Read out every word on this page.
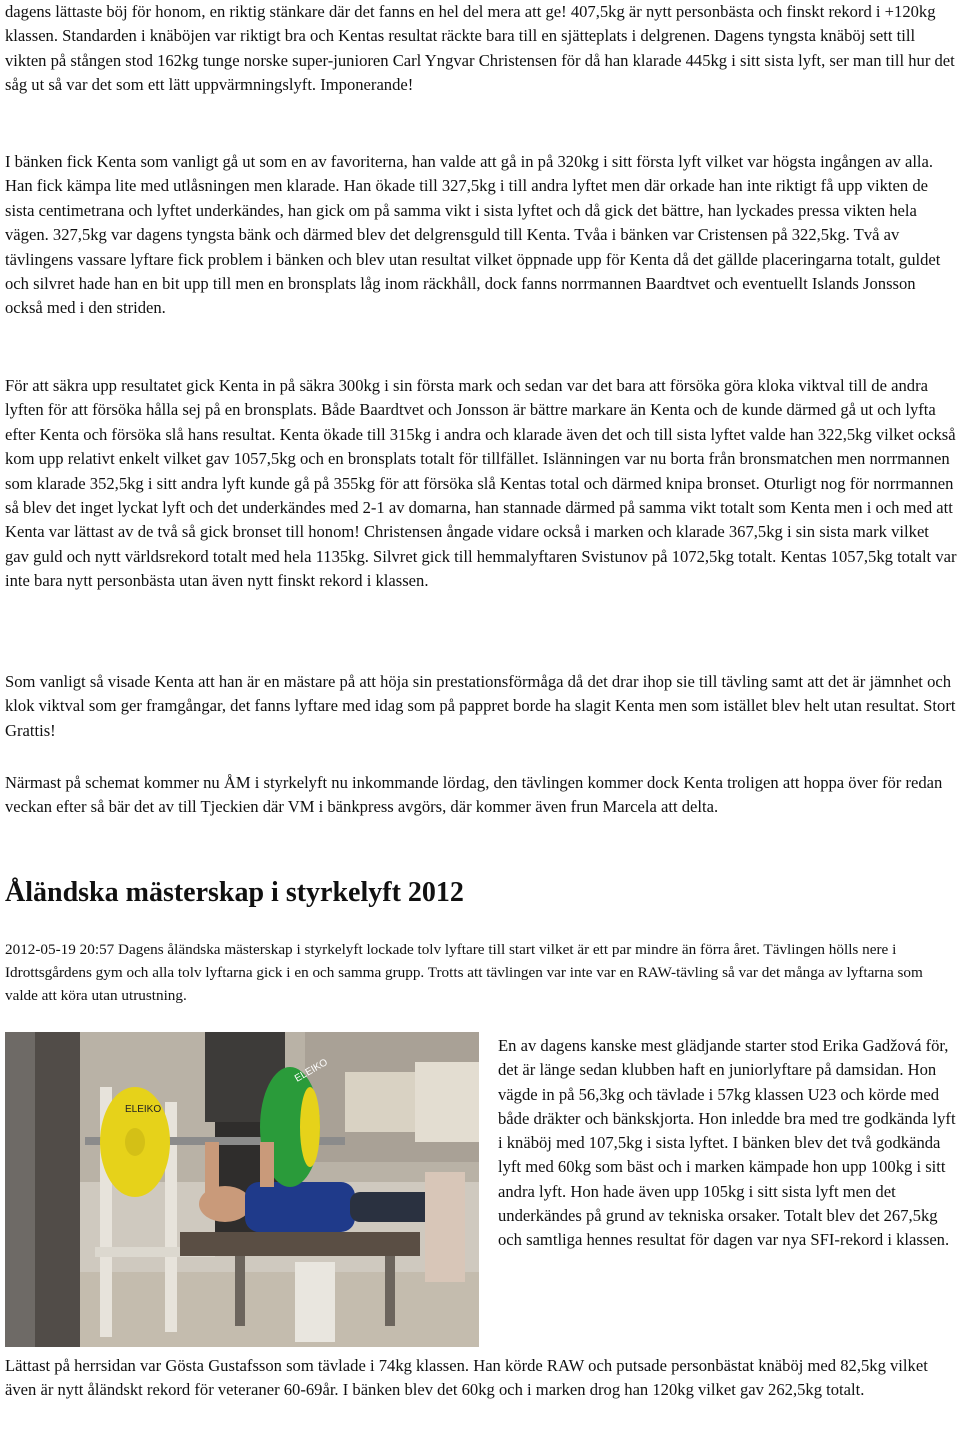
dagens lättaste böj för honom, en riktig stänkare där det fanns en hel del mera att ge! 407,5kg är nytt personbästa och finskt rekord i +120kg klassen. Standarden i knäböjen var riktigt bra och Kentas resultat räckte bara till en sjätteplats i delgrenen. Dagens tyngsta knäböj sett till vikten på stången stod 162kg tunge norske super-junioren Carl Yngvar Christensen för då han klarade 445kg i sitt sista lyft, ser man till hur det såg ut så var det som ett lätt uppvärmningslyft. Imponerande!

I bänken fick Kenta som vanligt gå ut som en av favoriterna, han valde att gå in på 320kg i sitt första lyft vilket var högsta ingången av alla. Han fick kämpa lite med utlåsningen men klarade. Han ökade till 327,5kg i till andra lyftet men där orkade han inte riktigt få upp vikten de sista centimetrana och lyftet underkändes, han gick om på samma vikt i sista lyftet och då gick det bättre, han lyckades pressa vikten hela vägen. 327,5kg var dagens tyngsta bänk och därmed blev det delgrensguld till Kenta. Tvåa i bänken var Cristensen på 322,5kg. Två av tävlingens vassare lyftare fick problem i bänken och blev utan resultat vilket öppnade upp för Kenta då det gällde placeringarna totalt, guldet och silvret hade han en bit upp till men en bronsplats låg inom räckhåll, dock fanns norrmannen Baardtvet och eventuellt Islands Jonsson också med i den striden.

För att säkra upp resultatet gick Kenta in på säkra 300kg i sin första mark och sedan var det bara att försöka göra kloka viktval till de andra lyften för att försöka hålla sej på en bronsplats. Både Baardtvet och Jonsson är bättre markare än Kenta och de kunde därmed gå ut och lyfta efter Kenta och försöka slå hans resultat. Kenta ökade till 315kg i andra och klarade även det och till sista lyftet valde han 322,5kg vilket också kom upp relativt enkelt vilket gav 1057,5kg och en bronsplats totalt för tillfället. Islänningen var nu borta från bronsmatchen men norrmannen som klarade 352,5kg i sitt andra lyft kunde gå på 355kg för att försöka slå Kentas total och därmed knipa bronset. Oturligt nog för norrmannen så blev det inget lyckat lyft och det underkändes med 2-1 av domarna, han stannade därmed på samma vikt totalt som Kenta men i och med att Kenta var lättast av de två så gick bronset till honom! Christensen ångade vidare också i marken och klarade 367,5kg i sin sista mark vilket gav guld och nytt världsrekord totalt med hela 1135kg. Silvret gick till hemmalyftaren Svistunov på 1072,5kg totalt. Kentas 1057,5kg totalt var inte bara nytt personbästa utan även nytt finskt rekord i klassen.

Som vanligt så visade Kenta att han är en mästare på att höja sin prestationsförmåga då det drar ihop sie till tävling samt att det är jämnhet och klok viktval som ger framgångar, det fanns lyftare med idag som på pappret borde ha slagit Kenta men som istället blev helt utan resultat. Stort Grattis!

Närmast på schemat kommer nu ÅM i styrkelyft nu inkommande lördag, den tävlingen kommer dock Kenta troligen att hoppa över för redan veckan efter så bär det av till Tjeckien där VM i bänkpress avgörs, där kommer även frun Marcela att delta.

Åländska mästerskap i styrkelyft 2012

2012-05-19 20:57 Dagens åländska mästerskap i styrkelyft lockade tolv lyftare till start vilket är ett par mindre än förra året. Tävlingen hölls nere i Idrottsgårdens gym och alla tolv lyftarna gick i en och samma grupp. Trotts att tävlingen var inte var en RAW-tävling så var det många av lyftarna som valde att köra utan utrustning.

ELEIKO
ELEIKO

En av dagens kanske mest glädjande starter stod Erika Gadžová för, det är länge sedan klubben haft en juniorlyftare på damsidan. Hon vägde in på 56,3kg och tävlade i 57kg klassen U23 och körde med både dräkter och bänkskjorta. Hon inledde bra med tre godkända lyft i knäböj med 107,5kg i sista lyftet. I bänken blev det två godkända lyft med 60kg som bäst och i marken kämpade hon upp 100kg i sitt andra lyft. Hon hade även upp 105kg i sitt sista lyft men det underkändes på grund av tekniska orsaker. Totalt blev det 267,5kg och samtliga hennes resultat för dagen var nya SFI-rekord i klassen.

Lättast på herrsidan var Gösta Gustafsson som tävlade i 74kg klassen. Han körde RAW och putsade personbästat knäböj med 82,5kg vilket även är nytt åländskt rekord för veteraner 60-69år. I bänken blev det 60kg och i marken drog han 120kg vilket gav 262,5kg totalt.
